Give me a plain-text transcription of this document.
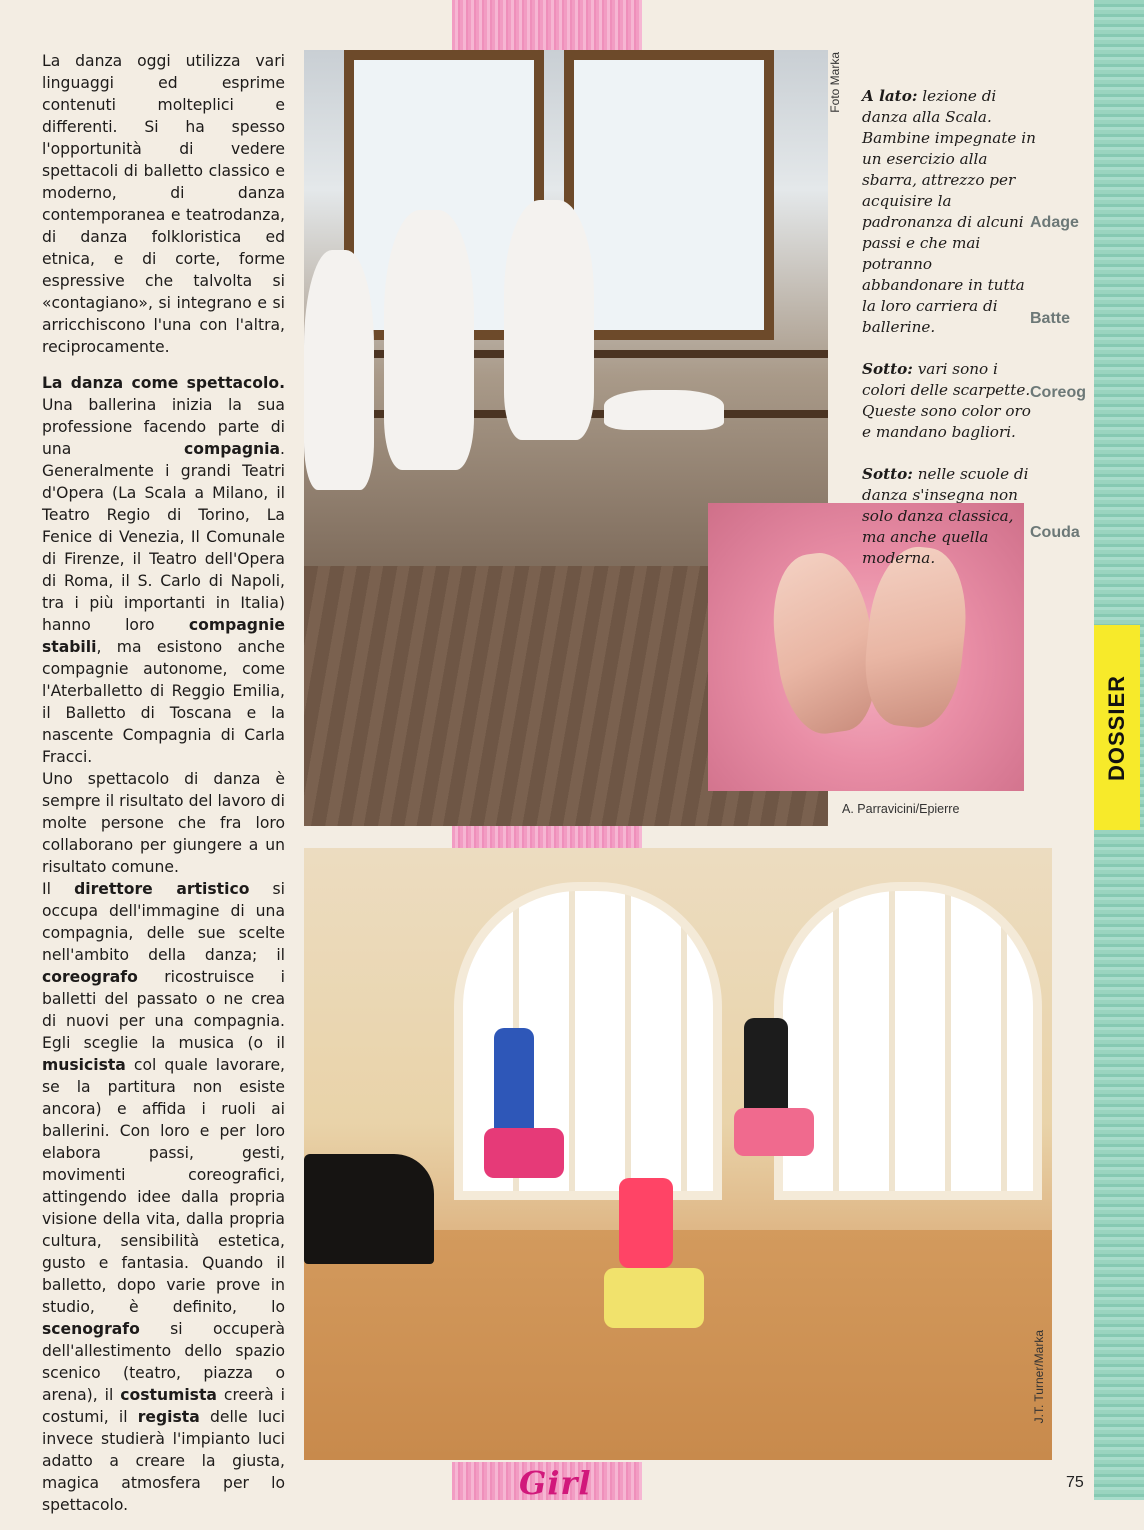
DOSSIER
Adage
Batte
Coreog
Couda

La danza oggi utilizza vari linguaggi ed esprime contenuti molteplici e differenti. Si ha spesso l'opportunità di vedere spettacoli di balletto classico e moderno, di danza contemporanea e teatrodanza, di danza folkloristica ed etnica, e di corte, forme espressive che talvolta si «contagiano», si integrano e si arricchiscono l'una con l'altra, reciprocamente.

La danza come spettacolo. Una ballerina inizia la sua professione facendo parte di una compagnia. Generalmente i grandi Teatri d'Opera (La Scala a Milano, il Teatro Regio di Torino, La Fenice di Venezia, Il Comunale di Firenze, il Teatro dell'Opera di Roma, il S. Carlo di Napoli, tra i più importanti in Italia) hanno loro compagnie stabili, ma esistono anche compagnie autonome, come l'Aterballetto di Reggio Emilia, il Balletto di Toscana e la nascente Compagnia di Carla Fracci.

Uno spettacolo di danza è sempre il risultato del lavoro di molte persone che fra loro collaborano per giungere a un risultato comune.

Il direttore artistico si occupa dell'immagine di una compagnia, delle sue scelte nell'ambito della danza; il coreografo ricostruisce i balletti del passato o ne crea di nuovi per una compagnia. Egli sceglie la musica (o il musicista col quale lavorare, se la partitura non esiste ancora) e affida i ruoli ai ballerini. Con loro e per loro elabora passi, gesti, movimenti coreografici, attingendo idee dalla propria visione della vita, dalla propria cultura, sensibilità estetica, gusto e fantasia. Quando il balletto, dopo varie prove in studio, è definito, lo scenografo si occuperà dell'allestimento dello spazio scenico (teatro, piazza o arena), il costumista creerà i costumi, il regista delle luci invece studierà l'impianto luci adatto a creare la giusta, magica atmosfera per lo spettacolo.

Foto Marka
A. Parravicini/Epierre

A lato: lezione di danza alla Scala. Bambine impegnate in un esercizio alla sbarra, attrezzo per acquisire la padronanza di alcuni passi e che mai potranno abbandonare in tutta la loro carriera di ballerine.

Sotto: vari sono i colori delle scarpette. Queste sono color oro e mandano bagliori.

Sotto: nelle scuole di danza s'insegna non solo danza classica, ma anche quella moderna.

J.T. Turner/Marka
Girl	75
